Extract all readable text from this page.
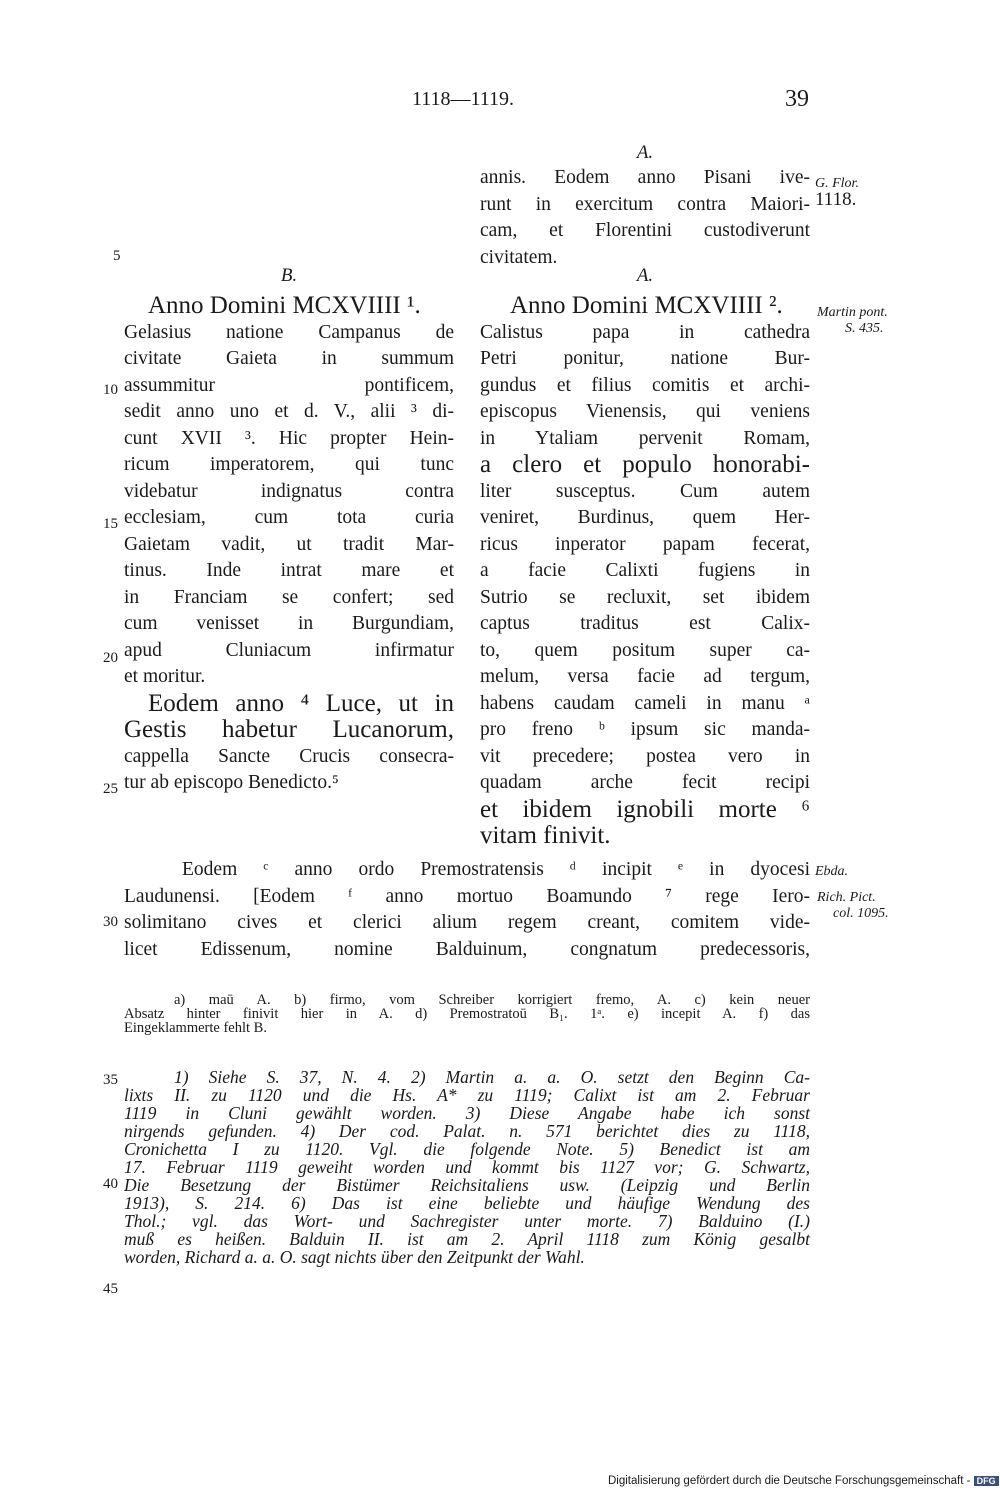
1118—1119.	39
A.
annis. Eodem anno Pisani ive-
runt in exercitum contra Maiori-
cam, et Florentini custodiverunt
civitatem.
G. Flor.
1118.
5
10
15
20
25
30
35
40
45
B.
Anno Domini MCXVIIII ¹.
Gelasius natione Campanus de
civitate Gaieta in summum
assummitur pontificem,
sedit anno uno et d. V., alii ³ di-
cunt XVII ³. Hic propter Hein-
ricum imperatorem, qui tunc
videbatur indignatus contra
ecclesiam, cum tota curia
Gaietam vadit, ut tradit Mar-
tinus. Inde intrat mare et
in Franciam se confert; sed
cum venisset in Burgundiam,
apud Cluniacum infirmatur
et moritur.
Eodem anno ⁴ Luce, ut in
Gestis habetur Lucanorum,
cappella Sancte Crucis consecra-
tur ab episcopo Benedicto.⁵
A.
Anno Domini MCXVIIII ².
Calistus papa in cathedra
Petri ponitur, natione Bur-
gundus et filius comitis et archi-
episcopus Vienensis, qui veniens
in Ytaliam pervenit Romam,
a clero et populo honorabi-
liter susceptus. Cum autem
veniret, Burdinus, quem Her-
ricus inperator papam fecerat,
a facie Calixti fugiens in
Sutrio se recluxit, set ibidem
captus traditus est Calix-
to, quem positum super ca-
melum, versa facie ad tergum,
habens caudam cameli in manu ᵃ
pro freno ᵇ ipsum sic manda-
vit precedere; postea vero in
quadam arche fecit recipi
et ibidem ignobili morte ⁶
vitam finivit.
Martin pont.
S. 435.
Eodem ᶜ anno ordo Premostratensis ᵈ incipit ᵉ in dyocesi
Laudunensi. [Eodem ᶠ anno mortuo Boamundo ⁷ rege Iero-
solimitano cives et clerici alium regem creant, comitem vide-
licet Edissenum, nomine Balduinum, congnatum predecessoris,
Ebda.
Rich. Pict.
col. 1095.
a) maū A. b) firmo, vom Schreiber korrigiert fremo, A. c) kein neuer
Absatz hinter finivit hier in A. d) Premostratoū B₁. 1ᵃ. e) incepit A. f) das
Eingeklammerte fehlt B.
1) Siehe S. 37, N. 4. 2) Martin a. a. O. setzt den Beginn Ca-
lixts II. zu 1120 und die Hs. A* zu 1119; Calixt ist am 2. Februar
1119 in Cluni gewählt worden. 3) Diese Angabe habe ich sonst
nirgends gefunden. 4) Der cod. Palat. n. 571 berichtet dies zu 1118,
Cronichetta I zu 1120. Vgl. die folgende Note. 5) Benedict ist am
17. Februar 1119 geweiht worden und kommt bis 1127 vor; G. Schwartz,
Die Besetzung der Bistümer Reichsitaliens usw. (Leipzig und Berlin
1913), S. 214. 6) Das ist eine beliebte und häufige Wendung des
Thol.; vgl. das Wort- und Sachregister unter morte. 7) Balduino (I.)
muß es heißen. Balduin II. ist am 2. April 1118 zum König gesalbt
worden, Richard a. a. O. sagt nichts über den Zeitpunkt der Wahl.
Digitalisierung gefördert durch die Deutsche Forschungsgemeinschaft - DFG
